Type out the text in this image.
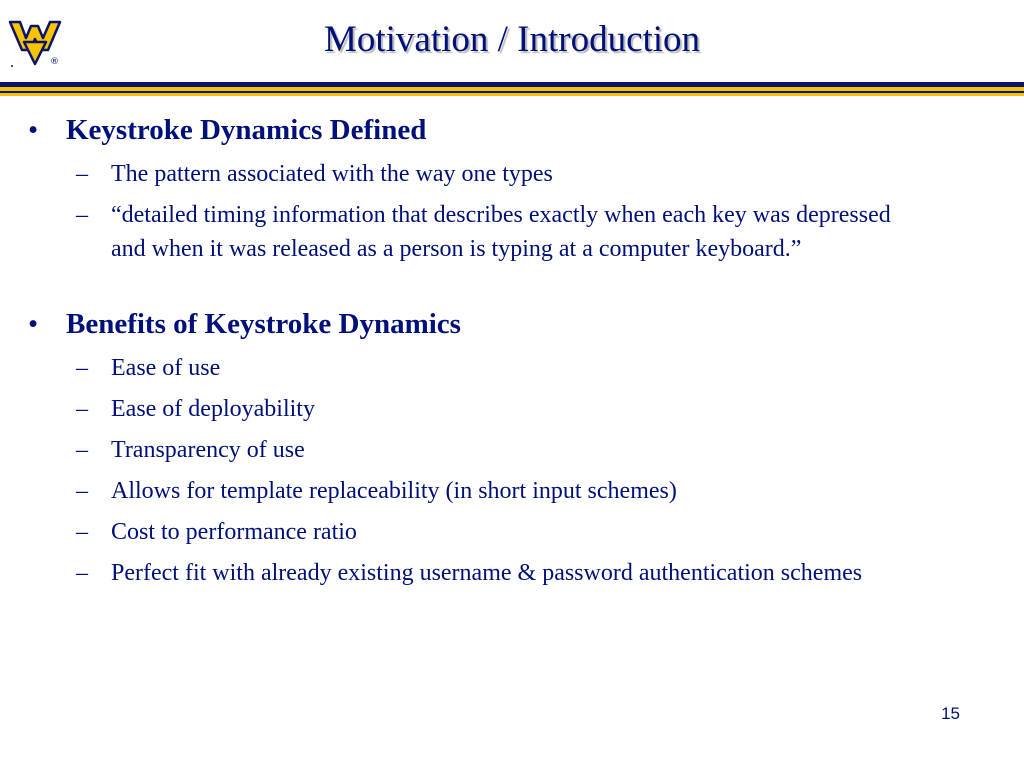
®
Motivation / Introduction
• Keystroke Dynamics Defined
– The pattern associated with the way one types
– “detailed timing information that describes exactly when each key was depressed and when it was released as a person is typing at a computer keyboard.”
• Benefits of Keystroke Dynamics
– Ease of use
– Ease of deployability
– Transparency of use
– Allows for template replaceability (in short input schemes)
– Cost to performance ratio
– Perfect fit with already existing username & password authentication schemes
15
